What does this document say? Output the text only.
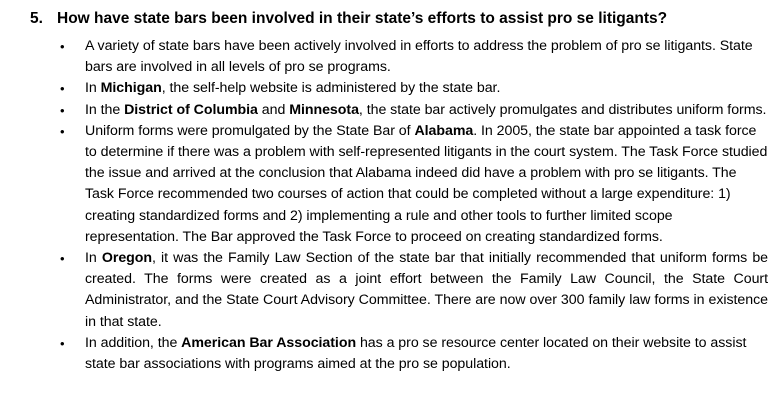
5. How have state bars been involved in their state’s efforts to assist pro se litigants?
• A variety of state bars have been actively involved in efforts to address the problem of pro se litigants. State bars are involved in all levels of pro se programs.
• In Michigan, the self-help website is administered by the state bar.
• In the District of Columbia and Minnesota, the state bar actively promulgates and distributes uniform forms.
• Uniform forms were promulgated by the State Bar of Alabama. In 2005, the state bar appointed a task force to determine if there was a problem with self-represented litigants in the court system. The Task Force studied the issue and arrived at the conclusion that Alabama indeed did have a problem with pro se litigants. The Task Force recommended two courses of action that could be completed without a large expenditure: 1) creating standardized forms and 2) implementing a rule and other tools to further limited scope representation. The Bar approved the Task Force to proceed on creating standardized forms.
• In Oregon, it was the Family Law Section of the state bar that initially recommended that uniform forms be created. The forms were created as a joint effort between the Family Law Council, the State Court Administrator, and the State Court Advisory Committee. There are now over 300 family law forms in existence in that state.
• In addition, the American Bar Association has a pro se resource center located on their website to assist state bar associations with programs aimed at the pro se population.
